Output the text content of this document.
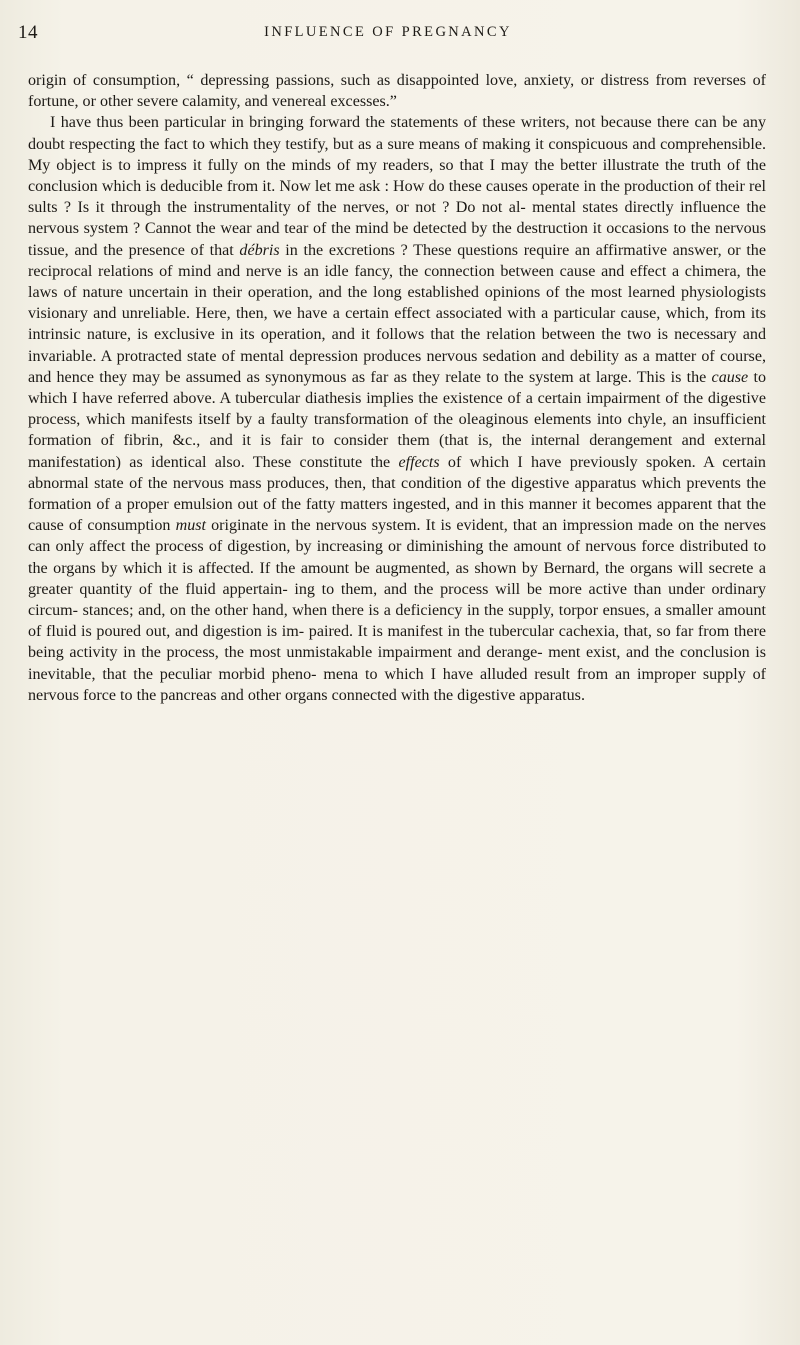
14	INFLUENCE OF PREGNANCY

origin of consumption, “ depressing passions, such as disappointed love, anxiety, or distress from reverses of fortune, or other severe calamity, and venereal excesses.”

I have thus been particular in bringing forward the statements of these writers, not because there can be any doubt respecting the fact to which they testify, but as a sure means of making it conspicuous and comprehensible. My object is to impress it fully on the minds of my readers, so that I may the better illustrate the truth of the conclusion which is deducible from it. Now let me ask : How do these causes operate in the production of their rel sults ? Is it through the instrumentality of the nerves, or not ? Do not al- mental states directly influence the nervous system ? Cannot the wear and tear of the mind be detected by the destruction it occasions to the nervous tissue, and the presence of that débris in the excretions ? These questions require an affirmative answer, or the reciprocal relations of mind and nerve is an idle fancy, the connection between cause and effect a chimera, the laws of nature uncertain in their operation, and the long established opinions of the most learned physiologists visionary and unreliable. Here, then, we have a certain effect associated with a particular cause, which, from its intrinsic nature, is exclusive in its operation, and it follows that the relation between the two is necessary and invariable. A protracted state of mental depression produces nervous sedation and debility as a matter of course, and hence they may be assumed as synonymous as far as they relate to the system at large. This is the cause to which I have referred above. A tubercular diathesis implies the existence of a certain impairment of the digestive process, which manifests itself by a faulty transformation of the oleaginous elements into chyle, an insufficient formation of fibrin, &c., and it is fair to consider them (that is, the internal derangement and external manifestation) as identical also. These constitute the effects of which I have previously spoken. A certain abnormal state of the nervous mass produces, then, that condition of the digestive apparatus which prevents the formation of a proper emulsion out of the fatty matters ingested, and in this manner it becomes apparent that the cause of consumption must originate in the nervous system. It is evident, that an impression made on the nerves can only affect the process of digestion, by increasing or diminishing the amount of nervous force distributed to the organs by which it is affected. If the amount be augmented, as shown by Bernard, the organs will secrete a greater quantity of the fluid appertain- ing to them, and the process will be more active than under ordinary circum- stances; and, on the other hand, when there is a deficiency in the supply, torpor ensues, a smaller amount of fluid is poured out, and digestion is im- paired. It is manifest in the tubercular cachexia, that, so far from there being activity in the process, the most unmistakable impairment and derange- ment exist, and the conclusion is inevitable, that the peculiar morbid pheno- mena to which I have alluded result from an improper supply of nervous force to the pancreas and other organs connected with the digestive apparatus.
